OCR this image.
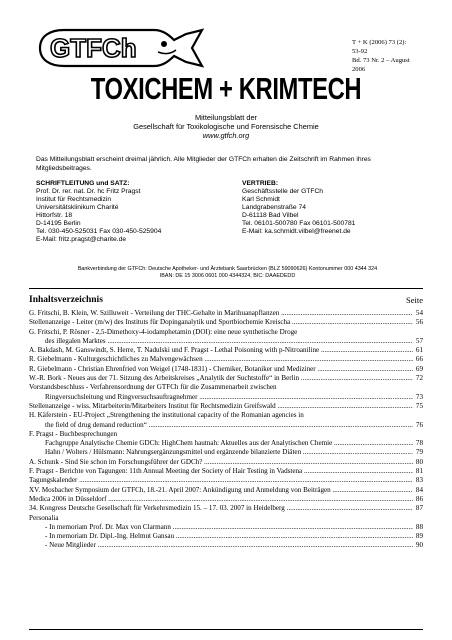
GTFCh	T + K (2006) 73 (2): 53-92
Bd. 73 Nr. 2 – August 2006
TOXICHEM + KRIMTECH
Mitteilungsblatt der
Gesellschaft für Toxikologische und Forensische Chemie
www.gtfch.org
Das Mitteilungsblatt erscheint dreimal jährlich. Alle Mitglieder der GTFCh erhalten die Zeitschrift im Rahmen ihres Mitgliedsbeitrages.
SCHRIFTLEITUNG und SATZ:
Prof. Dr. rer. nat. Dr. hc Fritz Pragst
Institut für Rechtsmedizin
Universitätsklinikum Charité
Hittorfstr. 18
D-14195 Berlin
Tel. 030-450-525031 Fax 030-450-525904
E-Mail: fritz.pragst@charite.de
VERTRIEB:
Geschäftsstelle der GTFCh
Karl Schmidt
Landgrabenstraße 74
D-61118 Bad Vilbel
Tel. 06101-500780 Fax 06101-500781
E-Mail: ka.schmidt.vilbel@freenet.de
Bankverbindung der GTFCh: Deutsche Apotheker- und Ärztebank Saarbrücken (BLZ 59090626) Kontonummer 000 4344 324
IBAN: DE 15 3006 0601 000 4344324, BIC: DAAEDEDD
Inhaltsverzeichnis	Seite
G. Fritschi, B. Klein, W. Szilluweit - Verteilung der THC-Gehalte in Marihuanapflanzen .....	54
Stellenanzeige - Leiter (m/w) des Instituts für Dopinganalytik und Sportbiochemie Kreischa .....	56
G. Fritschi, P. Rösner - 2,5-Dimethoxy-4-iodamphetamin (DOI): eine neue synthetische Droge
des illegalen Marktes .....	57
A. Bakdash, M. Ganswindt, S. Herre, T. Nadulski und F. Pragst - Lethal Poisoning with p-Nitroaniline .....	61
R. Giebelmann - Kulturgeschichtliches zu Malvengewächsen .....	66
R. Giebelmann - Christian Ehrenfried von Weigel (1748-1831) - Chemiker, Botaniker und Mediziner .....	69
W.-R. Bork - Neues aus der 71. Sitzung des Arbeitskreises „Analytik der Suchtstoffe“ in Berlin .....	72
Vorstandsbeschluss - Verfahrensordnung der GTFCh für die Zusammenarbeit zwischen
Ringversuchsleitung und Ringversuchsauftragnehmer .....	73
Stellenanzeige - wiss. Mitarbeiterin/Mitarbeiters Institut für Rechtsmedizin Greifswald .....	75
H. Käferstein - EU-Project „Strengthening the institutional capacity of the Romanian agencies in
the field of drug demand reduction“ .....	76
F. Pragst - Buchbesprechungen
Fachgruppe Analytische Chemie GDCh: HighChem hautnah: Aktuelles aus der Analytischen Chemie .....	78
Hahn / Wolters / Hülsmann: Nahrungsergänzungsmittel und ergänzende bilanzierte Diäten .....	79
A. Schunk - Sind Sie schon im Forschungsführer der GDCh? .....	80
F. Pragst - Berichte von Tagungen: 11th Annual Meeting der Society of Hair Testing in Vadstena .....	81
Tagungskalender .....	83
XV. Mosbacher Symposium der GTFCh, 18.-21. April 2007: Ankündigung und Anmeldung von Beiträgen .....	84
Medica 2006 in Düsseldorf .....	86
34. Kongress Deutsche Gesellschaft für Verkehrsmedizin 15. – 17. 03. 2007 in Heidelberg .....	87
Personalia
- In memoriam Prof. Dr. Max von Clarmann .....	88
- In memoriam Dr. Dipl.-Ing. Helmut Gansau .....	89
- Neue Mitglieder .....	90
